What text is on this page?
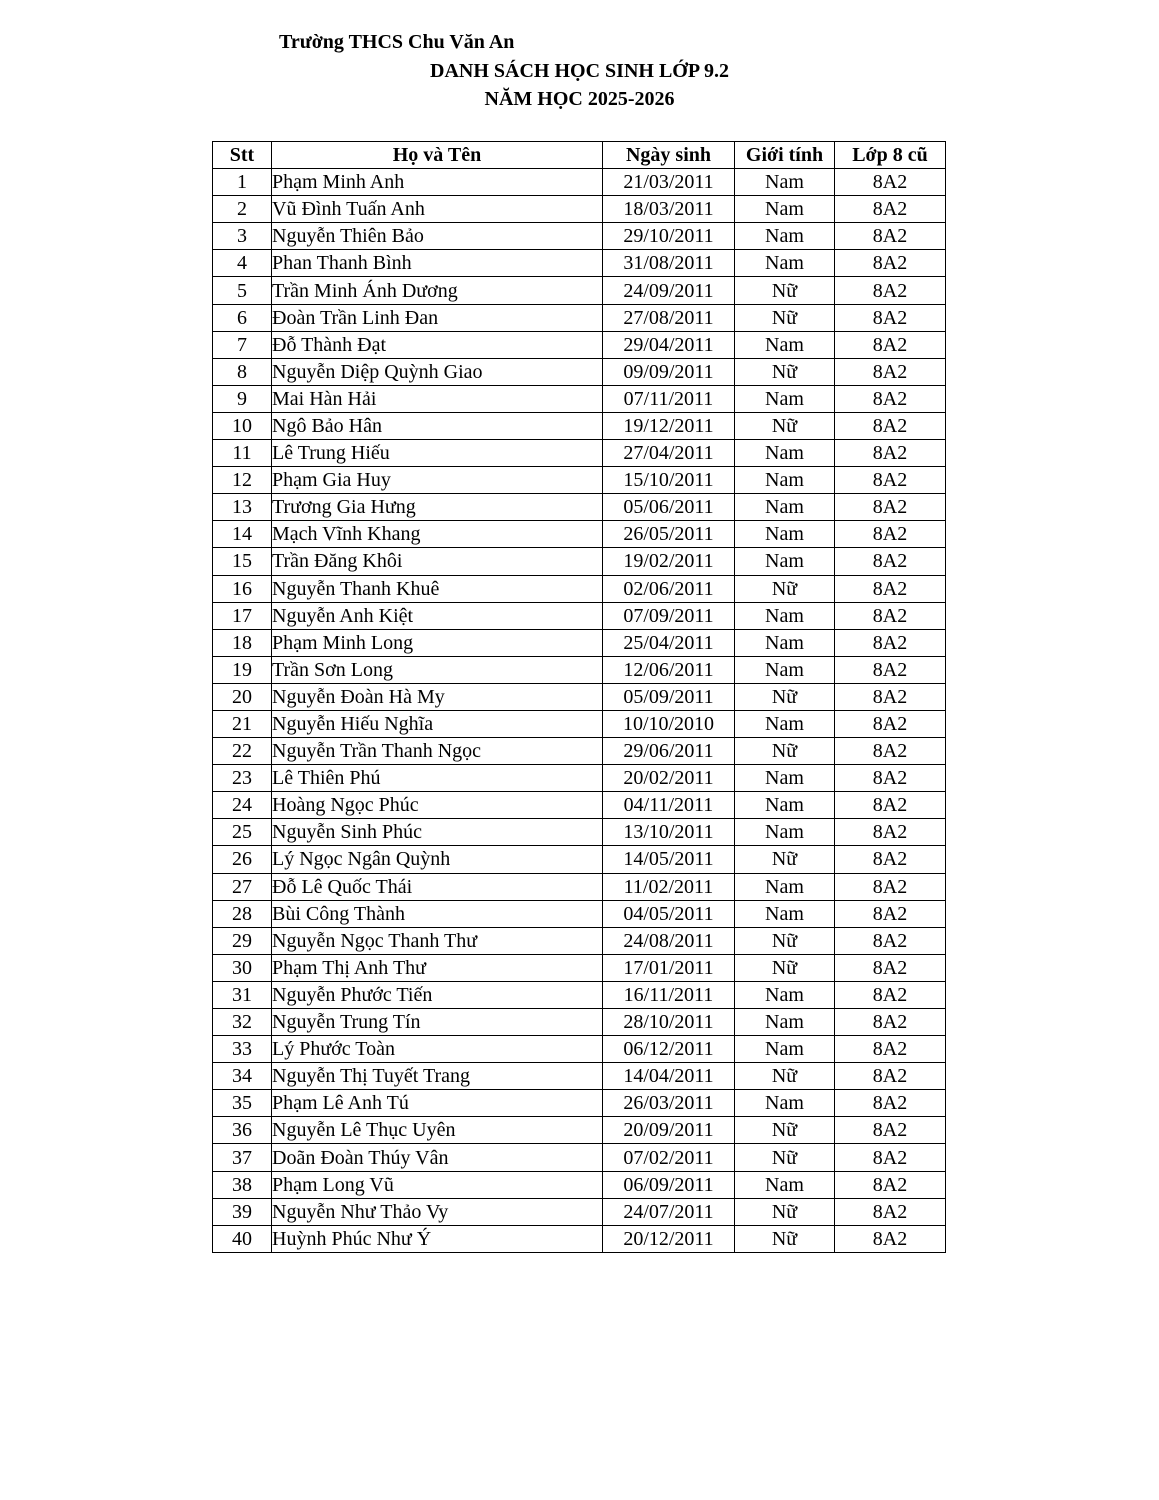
Trường THCS Chu Văn An
DANH SÁCH HỌC SINH LỚP 9.2
NĂM HỌC 2025-2026
Stt	Họ và Tên	Ngày sinh	Giới tính	Lớp 8 cũ
1	Phạm Minh Anh	21/03/2011	Nam	8A2
2	Vũ Đình Tuấn Anh	18/03/2011	Nam	8A2
3	Nguyễn Thiên Bảo	29/10/2011	Nam	8A2
4	Phan Thanh Bình	31/08/2011	Nam	8A2
5	Trần Minh Ánh Dương	24/09/2011	Nữ	8A2
6	Đoàn Trần Linh Đan	27/08/2011	Nữ	8A2
7	Đỗ Thành Đạt	29/04/2011	Nam	8A2
8	Nguyễn Diệp Quỳnh Giao	09/09/2011	Nữ	8A2
9	Mai Hàn Hải	07/11/2011	Nam	8A2
10	Ngô Bảo Hân	19/12/2011	Nữ	8A2
11	Lê Trung Hiếu	27/04/2011	Nam	8A2
12	Phạm Gia Huy	15/10/2011	Nam	8A2
13	Trương Gia Hưng	05/06/2011	Nam	8A2
14	Mạch Vĩnh Khang	26/05/2011	Nam	8A2
15	Trần Đăng Khôi	19/02/2011	Nam	8A2
16	Nguyễn Thanh Khuê	02/06/2011	Nữ	8A2
17	Nguyễn Anh Kiệt	07/09/2011	Nam	8A2
18	Phạm Minh Long	25/04/2011	Nam	8A2
19	Trần Sơn Long	12/06/2011	Nam	8A2
20	Nguyễn Đoàn Hà My	05/09/2011	Nữ	8A2
21	Nguyễn Hiếu Nghĩa	10/10/2010	Nam	8A2
22	Nguyễn Trần Thanh Ngọc	29/06/2011	Nữ	8A2
23	Lê Thiên Phú	20/02/2011	Nam	8A2
24	Hoàng Ngọc Phúc	04/11/2011	Nam	8A2
25	Nguyễn Sinh Phúc	13/10/2011	Nam	8A2
26	Lý Ngọc Ngân Quỳnh	14/05/2011	Nữ	8A2
27	Đỗ Lê Quốc Thái	11/02/2011	Nam	8A2
28	Bùi Công Thành	04/05/2011	Nam	8A2
29	Nguyễn Ngọc Thanh Thư	24/08/2011	Nữ	8A2
30	Phạm Thị Anh Thư	17/01/2011	Nữ	8A2
31	Nguyễn Phước Tiến	16/11/2011	Nam	8A2
32	Nguyễn Trung Tín	28/10/2011	Nam	8A2
33	Lý Phước Toàn	06/12/2011	Nam	8A2
34	Nguyễn Thị Tuyết Trang	14/04/2011	Nữ	8A2
35	Phạm Lê Anh Tú	26/03/2011	Nam	8A2
36	Nguyễn Lê Thục Uyên	20/09/2011	Nữ	8A2
37	Doãn Đoàn Thúy Vân	07/02/2011	Nữ	8A2
38	Phạm Long Vũ	06/09/2011	Nam	8A2
39	Nguyễn Như Thảo Vy	24/07/2011	Nữ	8A2
40	Huỳnh Phúc Như Ý	20/12/2011	Nữ	8A2
